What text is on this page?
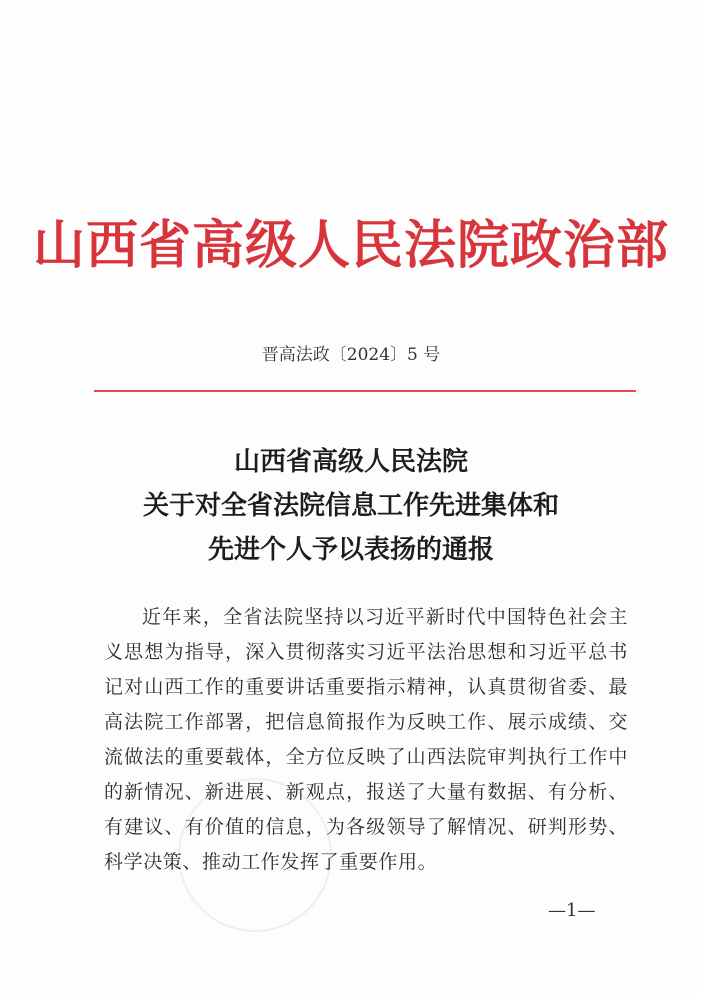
山西省高级人民法院政治部
晋高法政〔2024〕5 号
山西省高级人民法院
关于对全省法院信息工作先进集体和
先进个人予以表扬的通报
近年来，全省法院坚持以习近平新时代中国特色社会主义思想为指导，深入贯彻落实习近平法治思想和习近平总书记对山西工作的重要讲话重要指示精神，认真贯彻省委、最高法院工作部署，把信息简报作为反映工作、展示成绩、交流做法的重要载体，全方位反映了山西法院审判执行工作中的新情况、新进展、新观点，报送了大量有数据、有分析、有建议、有价值的信息，为各级领导了解情况、研判形势、科学决策、推动工作发挥了重要作用。
—1—
